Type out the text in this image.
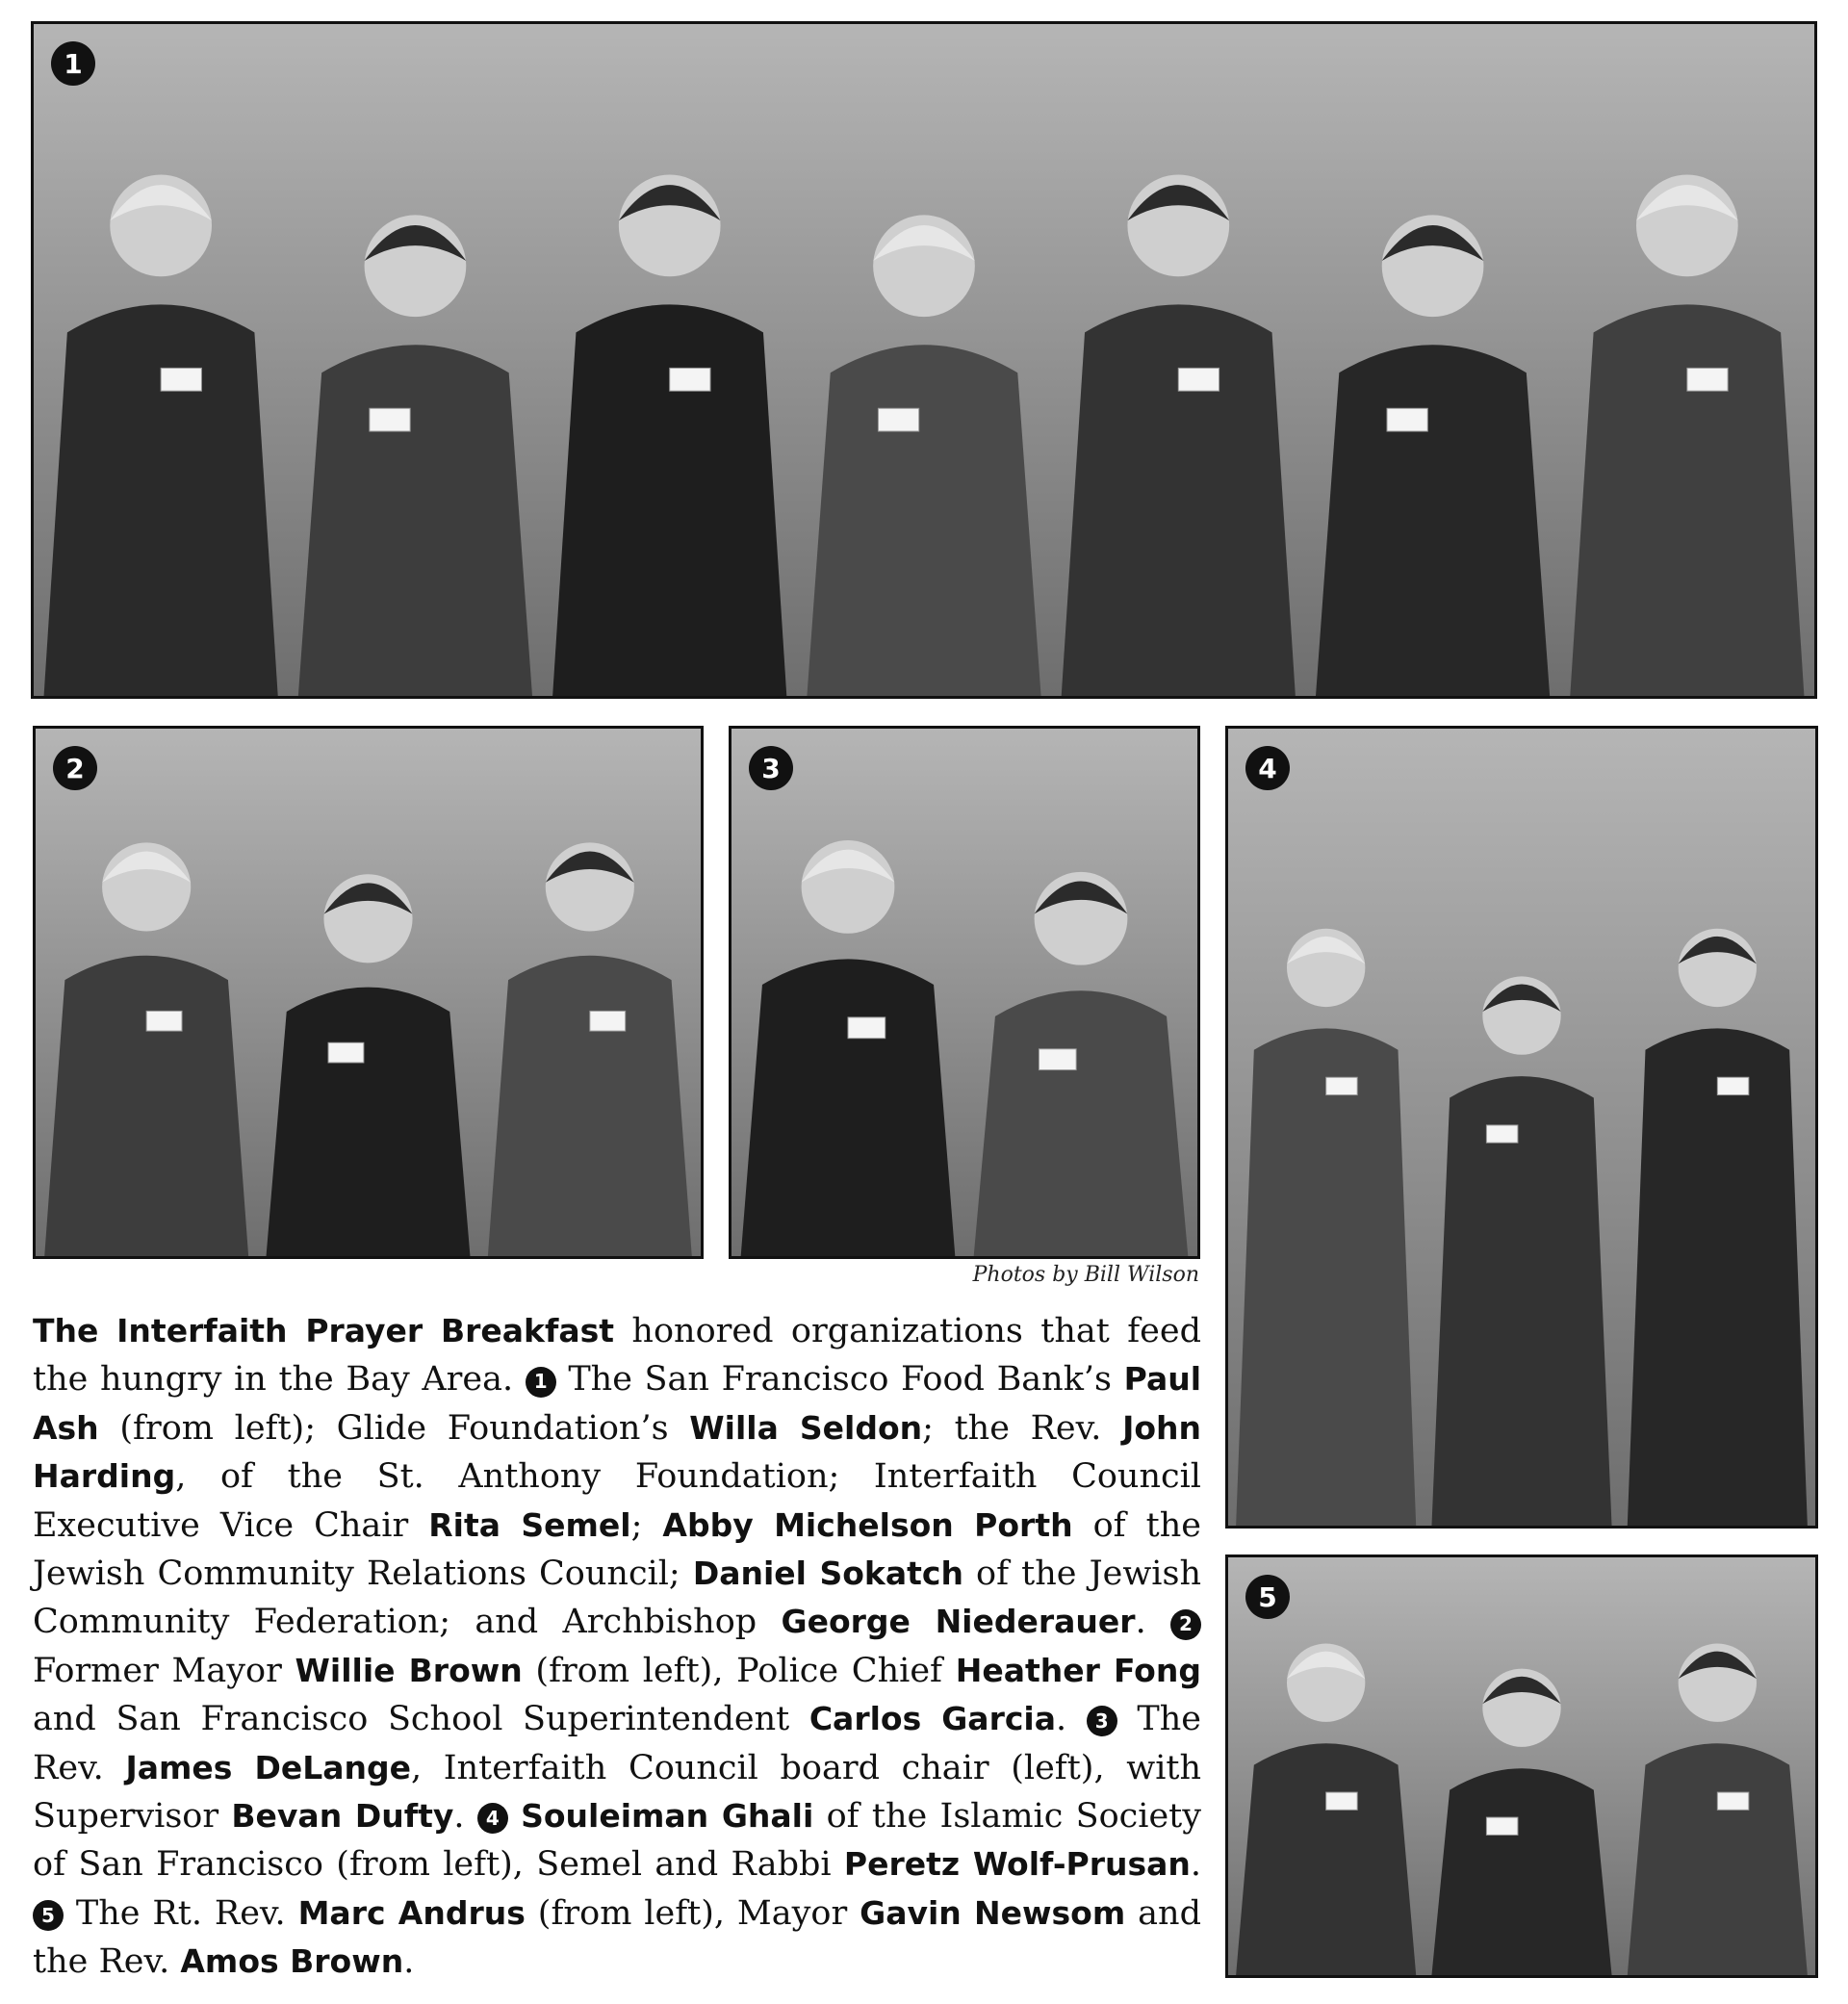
1
2	3	4
5
Photos by Bill Wilson

The Interfaith Prayer Breakfast honored organizations that feed the hungry in the Bay Area. 1 The San Francisco Food Bank’s Paul Ash (from left); Glide Foundation’s Willa Seldon; the Rev. John Harding, of the St. Anthony Foundation; Interfaith Council Executive Vice Chair Rita Semel; Abby Michelson Porth of the Jewish Community Relations Council; Daniel Sokatch of the Jewish Community Federation; and Archbishop George Niederauer. 2 Former Mayor Willie Brown (from left), Police Chief Heather Fong and San Francisco School Superintendent Carlos Garcia. 3 The Rev. James DeLange, Interfaith Council board chair (left), with Supervisor Bevan Dufty. 4 Souleiman Ghali of the Islamic Society of San Francisco (from left), Semel and Rabbi Peretz Wolf-Prusan. 5 The Rt. Rev. Marc Andrus (from left), Mayor Gavin Newsom and the Rev. Amos Brown.
